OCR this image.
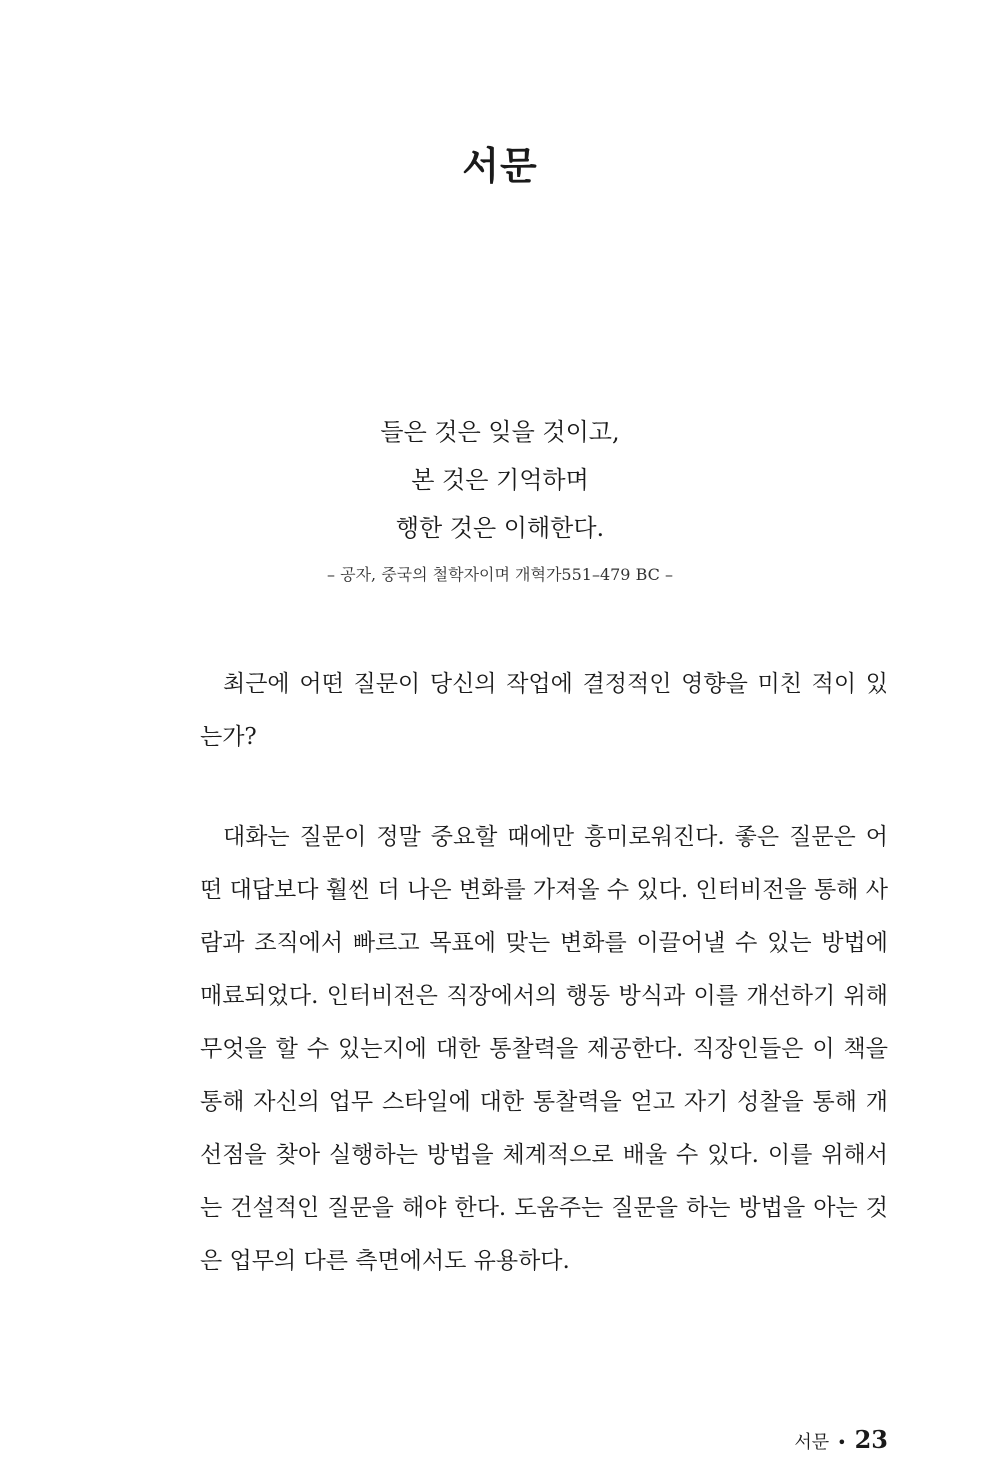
서문
들은 것은 잊을 것이고,
본 것은 기억하며
행한 것은 이해한다.
– 공자, 중국의 철학자이며 개혁가551–479 BC –

최근에 어떤 질문이 당신의 작업에 결정적인 영향을 미친 적이 있는가?

대화는 질문이 정말 중요할 때에만 흥미로워진다. 좋은 질문은 어떤 대답보다 훨씬 더 나은 변화를 가져올 수 있다. 인터비전을 통해 사람과 조직에서 빠르고 목표에 맞는 변화를 이끌어낼 수 있는 방법에 매료되었다. 인터비전은 직장에서의 행동 방식과 이를 개선하기 위해 무엇을 할 수 있는지에 대한 통찰력을 제공한다. 직장인들은 이 책을 통해 자신의 업무 스타일에 대한 통찰력을 얻고 자기 성찰을 통해 개선점을 찾아 실행하는 방법을 체계적으로 배울 수 있다. 이를 위해서는 건설적인 질문을 해야 한다. 도움주는 질문을 하는 방법을 아는 것은 업무의 다른 측면에서도 유용하다.

서문 • 23
